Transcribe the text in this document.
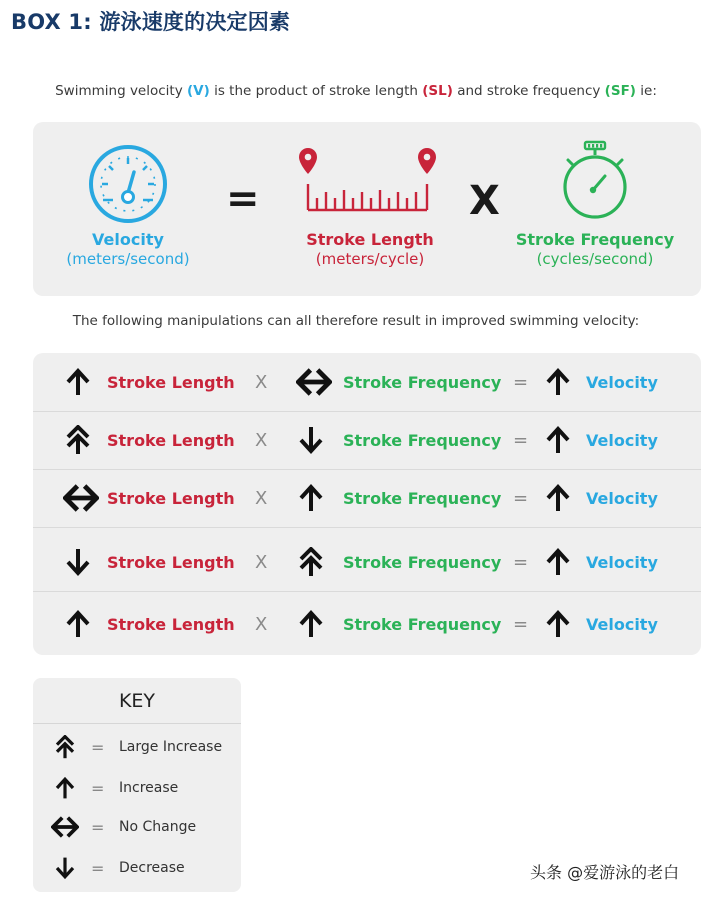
BOX 1: 游泳速度的决定因素
Swimming velocity (V) is the product of stroke length (SL) and stroke frequency (SF) ie:
Velocity
(meters/second)
=
Stroke Length
(meters/cycle)
X
Stroke Frequency
(cycles/second)
The following manipulations can all therefore result in improved swimming velocity:
Stroke Length X	Stroke Frequency =	Velocity
Stroke Length X	Stroke Frequency =	Velocity
Stroke Length X	Stroke Frequency =	Velocity
Stroke Length X	Stroke Frequency =	Velocity
Stroke Length X	Stroke Frequency =	Velocity
KEY
= Large Increase
= Increase
= No Change
= Decrease	头条 @爱游泳的老白
